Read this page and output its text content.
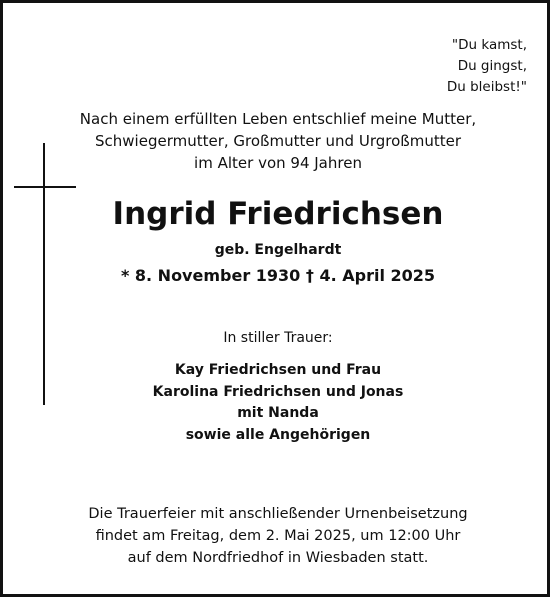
"Du kamst,
Du gingst,
Du bleibst!"
Nach einem erfüllten Leben entschlief meine Mutter,
Schwiegermutter, Großmutter und Urgroßmutter
im Alter von 94 Jahren
Ingrid Friedrichsen
geb. Engelhardt
* 8. November 1930 † 4. April 2025
In stiller Trauer:
Kay Friedrichsen und Frau
Karolina Friedrichsen und Jonas
mit Nanda
sowie alle Angehörigen
Die Trauerfeier mit anschließender Urnenbeisetzung
findet am Freitag, dem 2. Mai 2025, um 12:00 Uhr
auf dem Nordfriedhof in Wiesbaden statt.
